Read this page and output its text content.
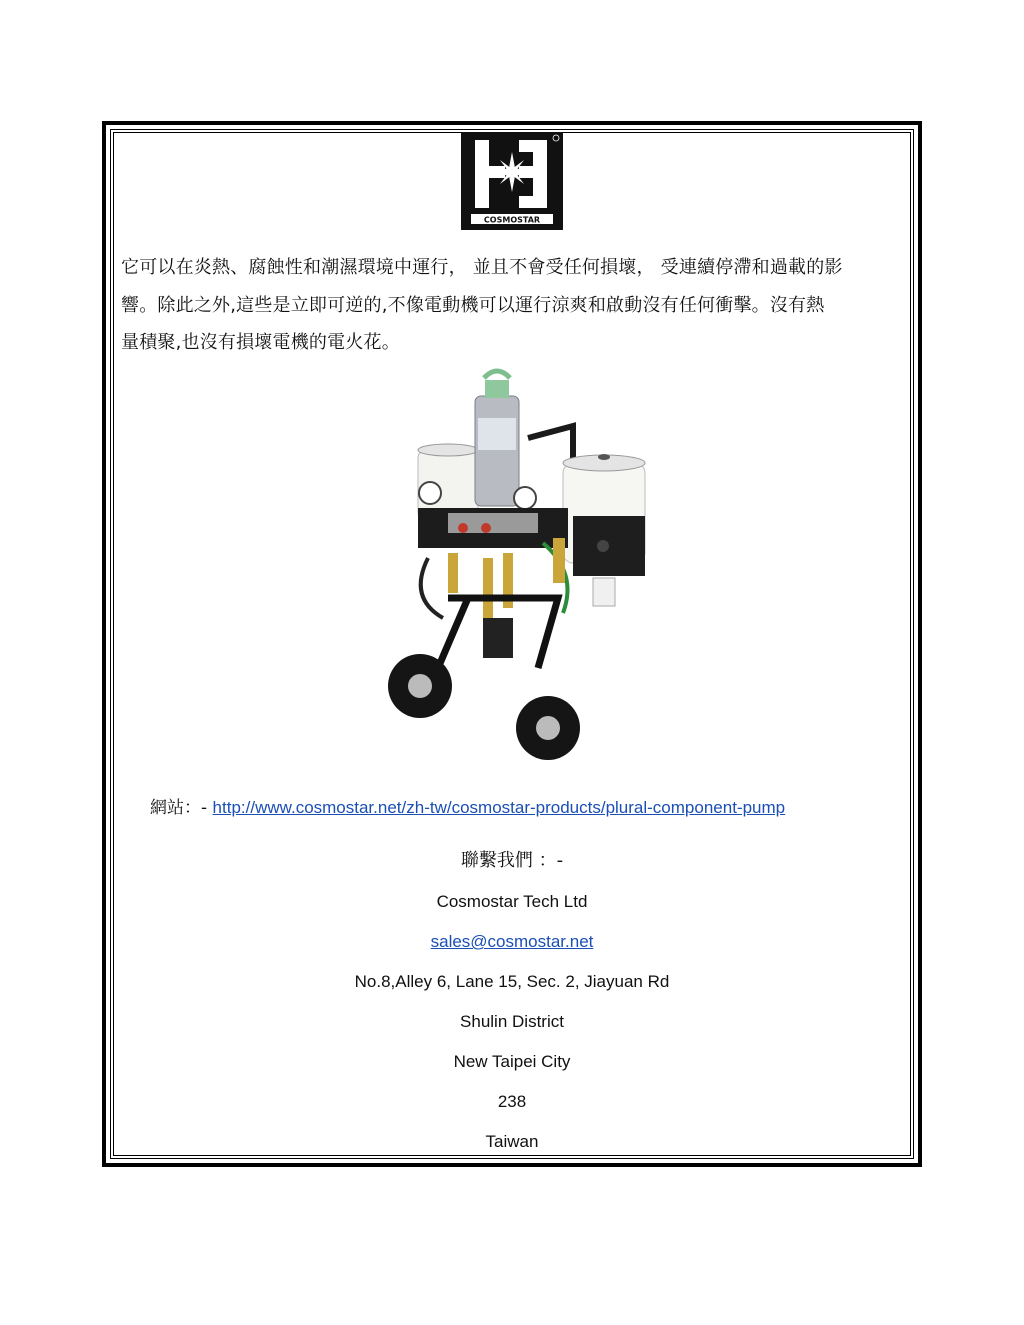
COSMOSTAR
它可以在炎熱、腐蝕性和潮濕環境中運行， 並且不會受任何損壞， 受連續停滯和過載的影
響。除此之外,這些是立即可逆的,不像電動機可以運行涼爽和啟動沒有任何衝擊。沒有熱
量積聚,也沒有損壞電機的電火花。
網站：- http://www.cosmostar.net/zh-tw/cosmostar-products/plural-component-pump
聯繫我們 ：-
Cosmostar Tech Ltd
sales@cosmostar.net
No.8,Alley 6, Lane 15, Sec. 2, Jiayuan Rd
Shulin District
New Taipei City
238
Taiwan
